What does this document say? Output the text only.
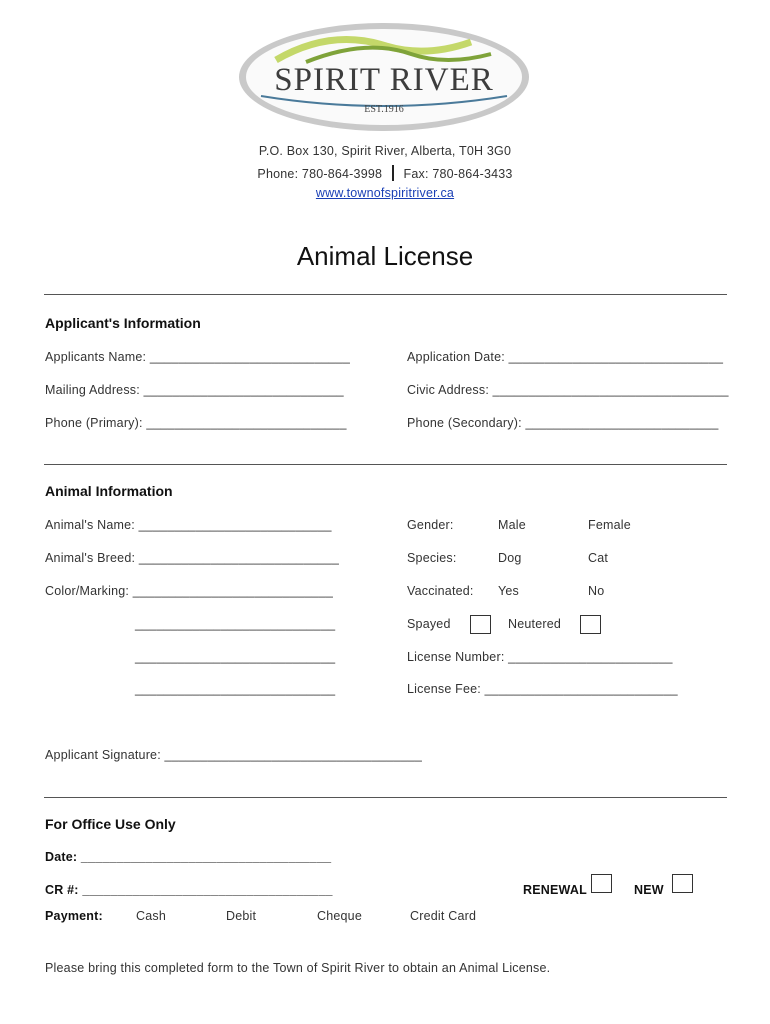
SPIRIT RIVER
EST.1916
P.O. Box 130, Spirit River, Alberta, T0H 3G0
Phone: 780-864-3998 Fax: 780-864-3433
www.townofspiritriver.ca
Animal License
Applicant's Information
Applicants Name: ____________________________	Application Date: ______________________________
Mailing Address: ____________________________	Civic Address: _________________________________
Phone (Primary): ____________________________	Phone (Secondary): ___________________________
Animal Information
Animal's Name: ___________________________
Animal's Breed: ____________________________
Color/Marking: ____________________________
____________________________
____________________________
____________________________
Gender:	Male	Female
Species:	Dog	Cat
Vaccinated: Yes	No
Spayed	Neutered
License Number: _______________________
License Fee: ___________________________
Applicant Signature: ____________________________________
For Office Use Only
Date: ___________________________________
CR #: ___________________________________	RENEWAL	NEW
Payment:	Cash	Debit	Cheque	Credit Card
Please bring this completed form to the Town of Spirit River to obtain an Animal License.
